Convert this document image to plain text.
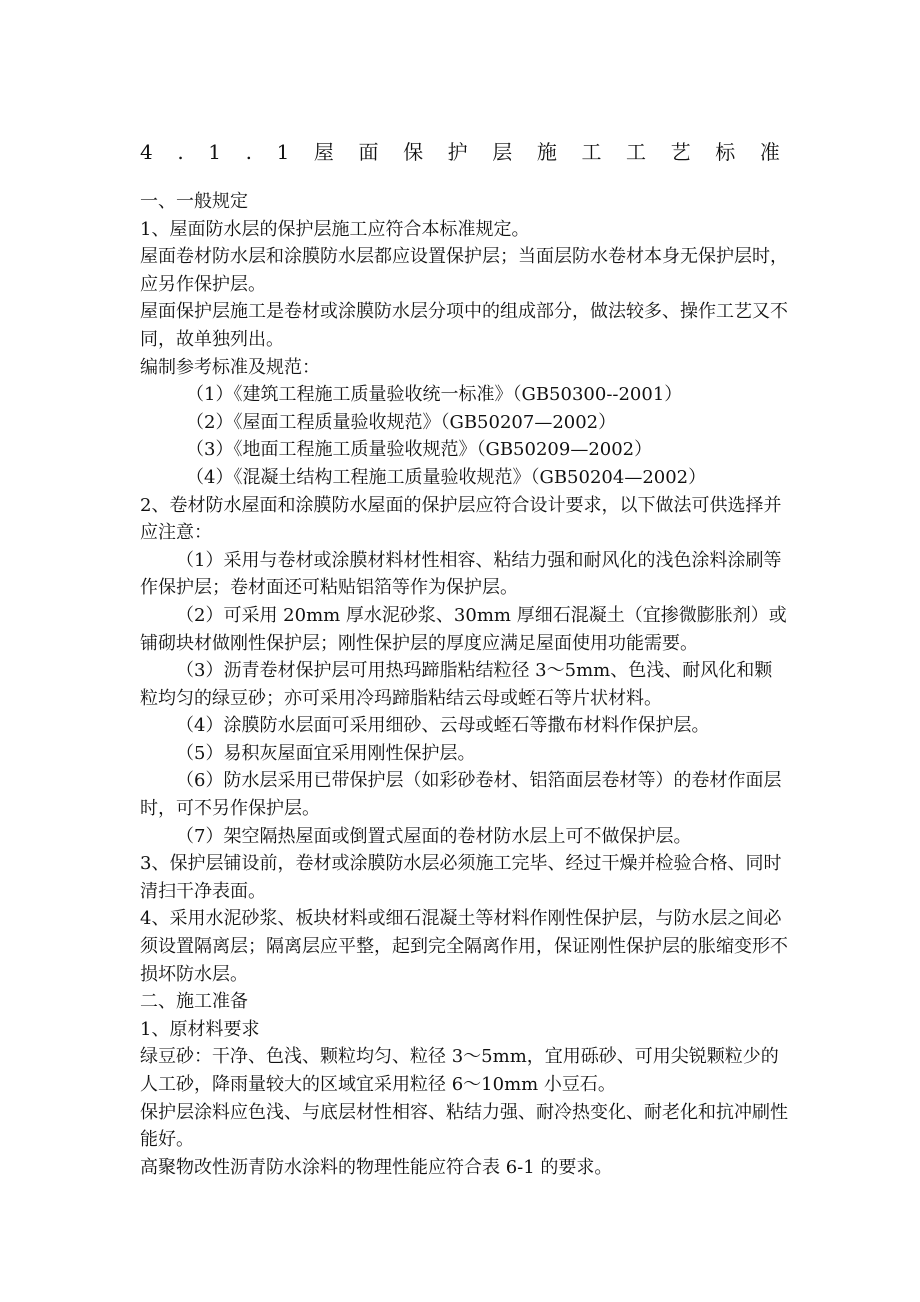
4 . 1 . 1 屋 面 保 护 层 施 工 工 艺 标 准

一、一般规定

1、屋面防水层的保护层施工应符合本标准规定。

屋面卷材防水层和涂膜防水层都应设置保护层；当面层防水卷材本身无保护层时，应另作保护层。

屋面保护层施工是卷材或涂膜防水层分项中的组成部分，做法较多、操作工艺又不同，故单独列出。

编制参考标准及规范：

（1）《建筑工程施工质量验收统一标准》（GB50300--2001）

（2）《屋面工程质量验收规范》（GB50207—2002）

（3）《地面工程施工质量验收规范》（GB50209—2002）

（4）《混凝土结构工程施工质量验收规范》（GB50204—2002）

2、卷材防水屋面和涂膜防水屋面的保护层应符合设计要求，以下做法可供选择并应注意：

（1）采用与卷材或涂膜材料材性相容、粘结力强和耐风化的浅色涂料涂刷等作保护层；卷材面还可粘贴铝箔等作为保护层。

（2）可采用 20mm 厚水泥砂浆、30mm 厚细石混凝土（宜掺微膨胀剂）或铺砌块材做刚性保护层；刚性保护层的厚度应满足屋面使用功能需要。

（3）沥青卷材保护层可用热玛蹄脂粘结粒径 3～5mm、色浅、耐风化和颗粒均匀的绿豆砂；亦可采用冷玛蹄脂粘结云母或蛭石等片状材料。

（4）涂膜防水层面可采用细砂、云母或蛭石等撒布材料作保护层。

（5）易积灰屋面宜采用刚性保护层。

（6）防水层采用已带保护层（如彩砂卷材、铝箔面层卷材等）的卷材作面层时，可不另作保护层。

（7）架空隔热屋面或倒置式屋面的卷材防水层上可不做保护层。

3、保护层铺设前，卷材或涂膜防水层必须施工完毕、经过干燥并检验合格、同时清扫干净表面。

4、采用水泥砂浆、板块材料或细石混凝土等材料作刚性保护层，与防水层之间必须设置隔离层；隔离层应平整，起到完全隔离作用，保证刚性保护层的胀缩变形不损坏防水层。

二、施工准备

1、原材料要求

绿豆砂：干净、色浅、颗粒均匀、粒径 3～5mm，宜用砾砂、可用尖锐颗粒少的人工砂，降雨量较大的区域宜采用粒径 6～10mm 小豆石。

保护层涂料应色浅、与底层材性相容、粘结力强、耐冷热变化、耐老化和抗冲刷性能好。

高聚物改性沥青防水涂料的物理性能应符合表 6-1 的要求。
